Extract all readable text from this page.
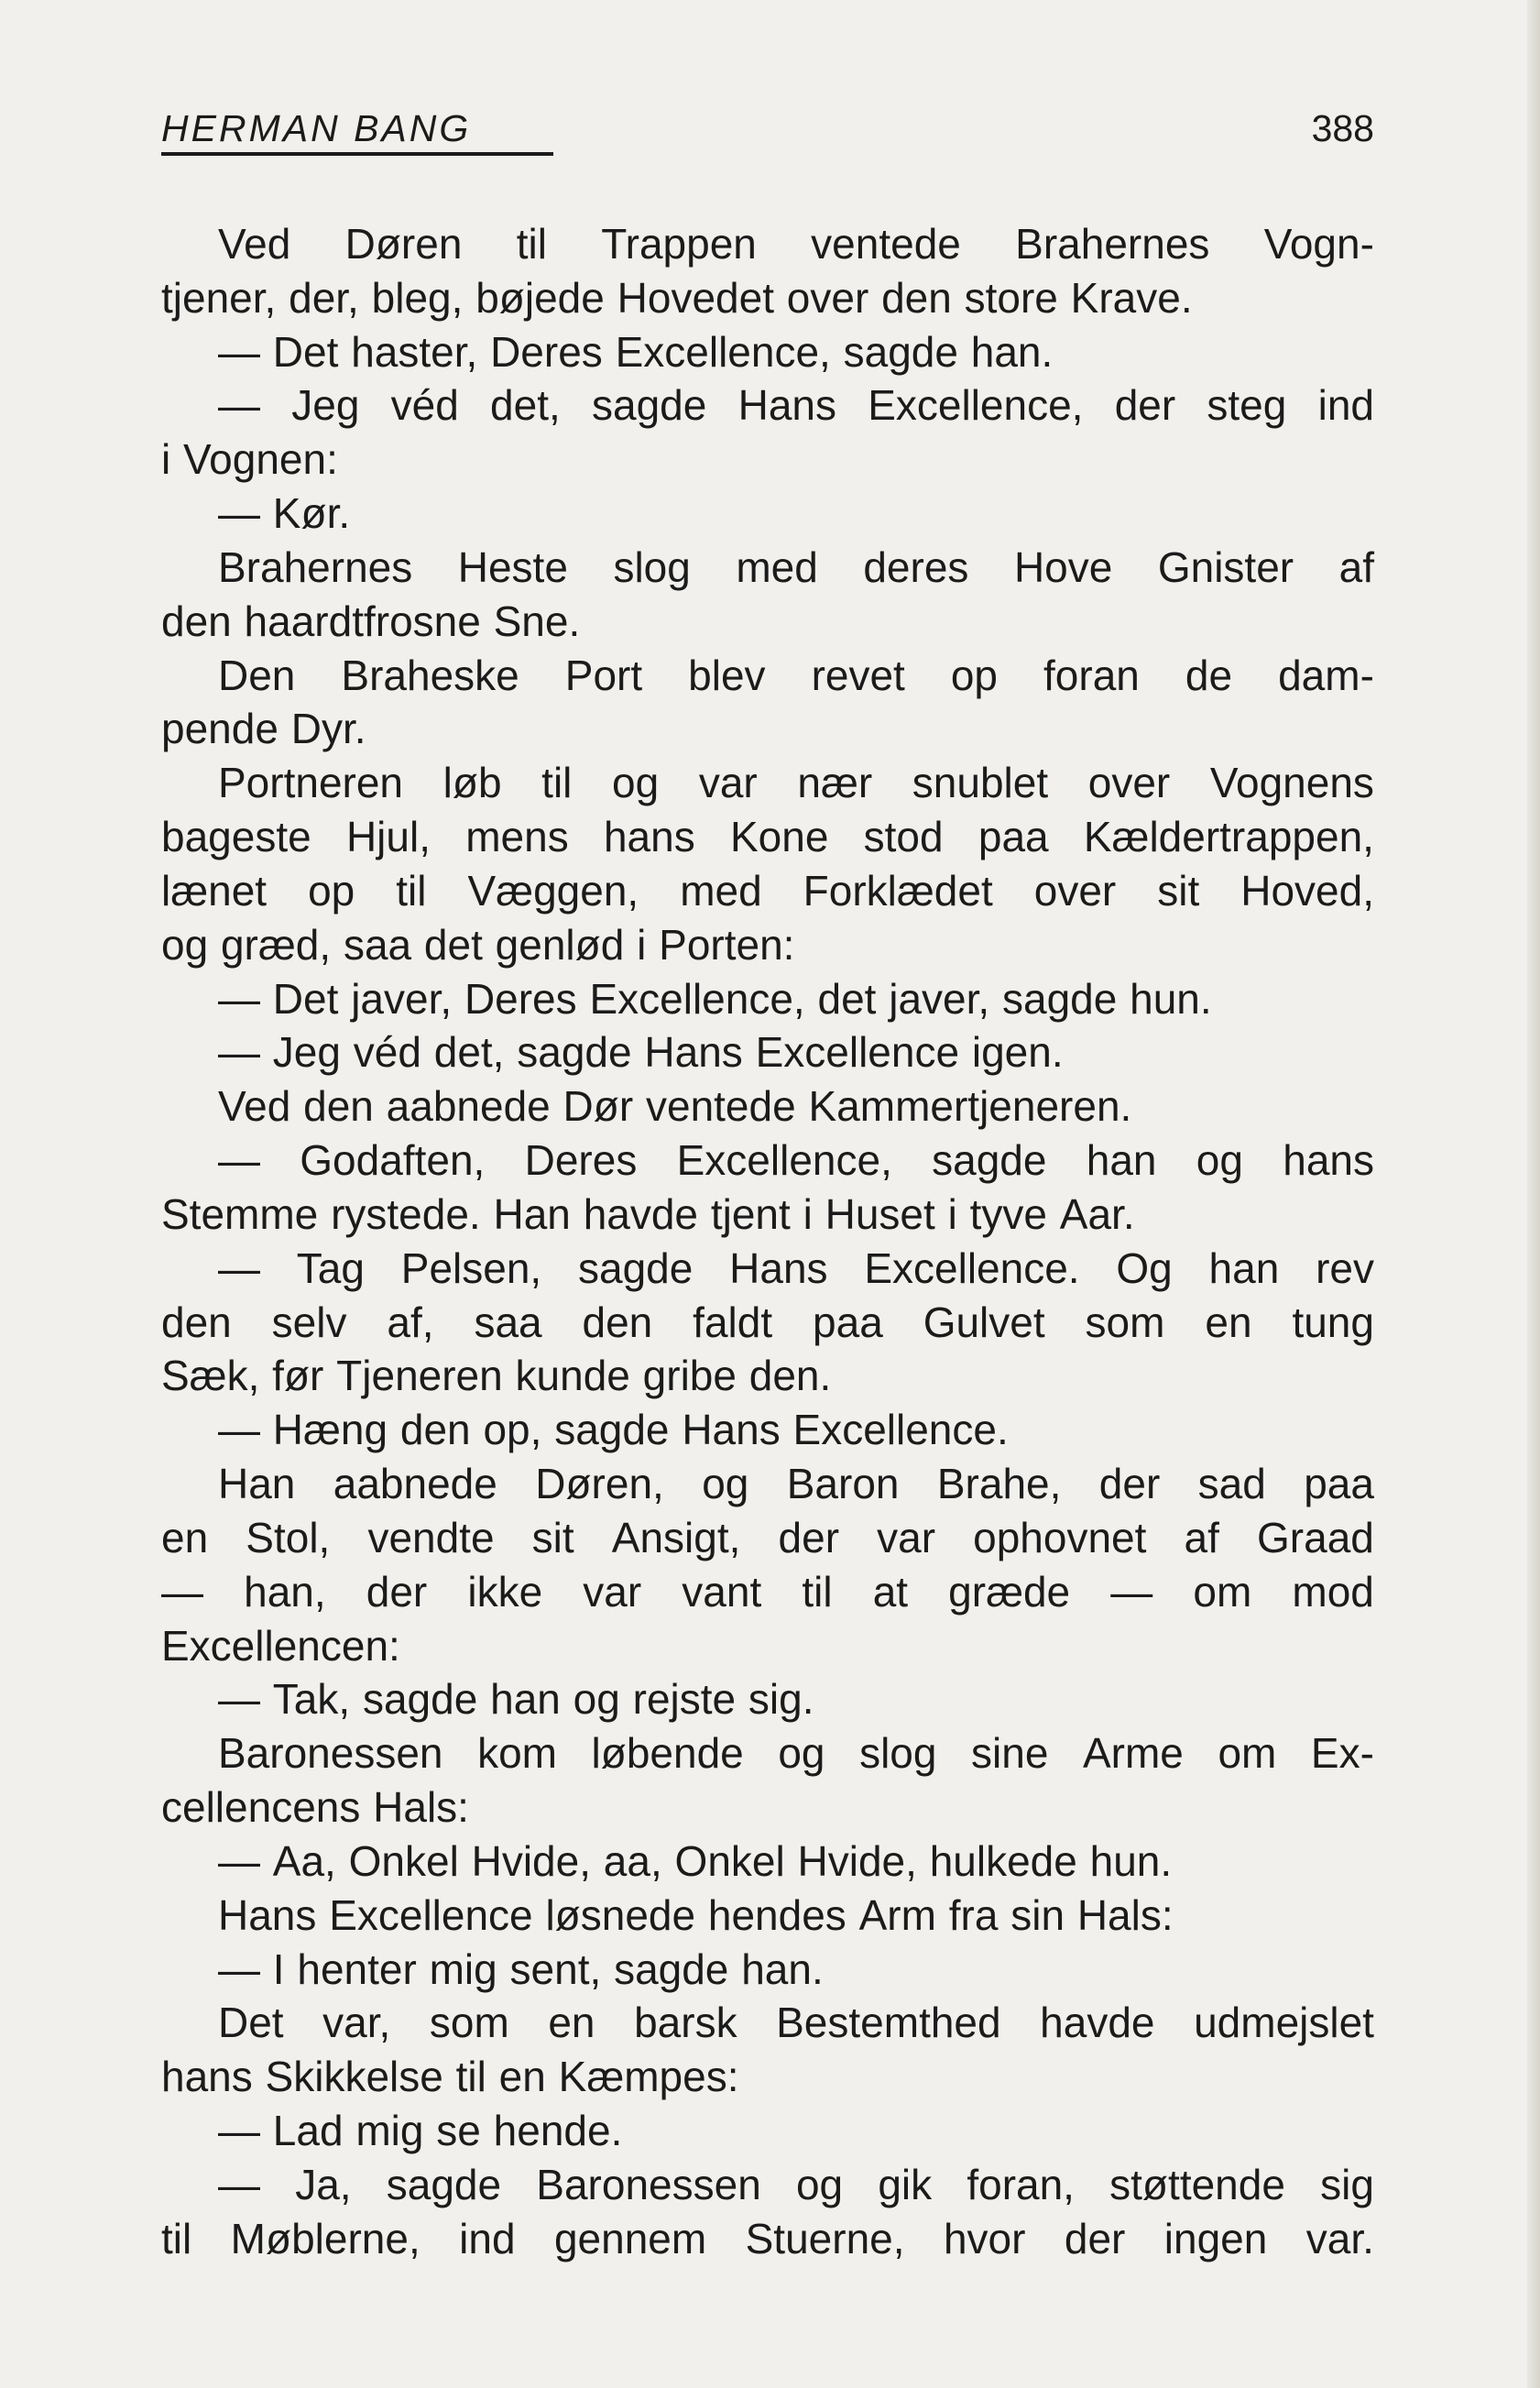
HERMAN BANG	388
Ved Døren til Trappen ventede Brahernes Vogn-
tjener, der, bleg, bøjede Hovedet over den store Krave.
— Det haster, Deres Excellence, sagde han.
— Jeg véd det, sagde Hans Excellence, der steg ind
i Vognen:
— Kør.
Brahernes Heste slog med deres Hove Gnister af
den haardtfrosne Sne.
Den Braheske Port blev revet op foran de dam-
pende Dyr.
Portneren løb til og var nær snublet over Vognens
bageste Hjul, mens hans Kone stod paa Kældertrappen,
lænet op til Væggen, med Forklædet over sit Hoved,
og græd, saa det genlød i Porten:
— Det javer, Deres Excellence, det javer, sagde hun.
— Jeg véd det, sagde Hans Excellence igen.
Ved den aabnede Dør ventede Kammertjeneren.
— Godaften, Deres Excellence, sagde han og hans
Stemme rystede. Han havde tjent i Huset i tyve Aar.
— Tag Pelsen, sagde Hans Excellence. Og han rev
den selv af, saa den faldt paa Gulvet som en tung
Sæk, før Tjeneren kunde gribe den.
— Hæng den op, sagde Hans Excellence.
Han aabnede Døren, og Baron Brahe, der sad paa
en Stol, vendte sit Ansigt, der var ophovnet af Graad
— han, der ikke var vant til at græde — om mod
Excellencen:
— Tak, sagde han og rejste sig.
Baronessen kom løbende og slog sine Arme om Ex-
cellencens Hals:
— Aa, Onkel Hvide, aa, Onkel Hvide, hulkede hun.
Hans Excellence løsnede hendes Arm fra sin Hals:
— I henter mig sent, sagde han.
Det var, som en barsk Bestemthed havde udmejslet
hans Skikkelse til en Kæmpes:
— Lad mig se hende.
— Ja, sagde Baronessen og gik foran, støttende sig
til Møblerne, ind gennem Stuerne, hvor der ingen var.
